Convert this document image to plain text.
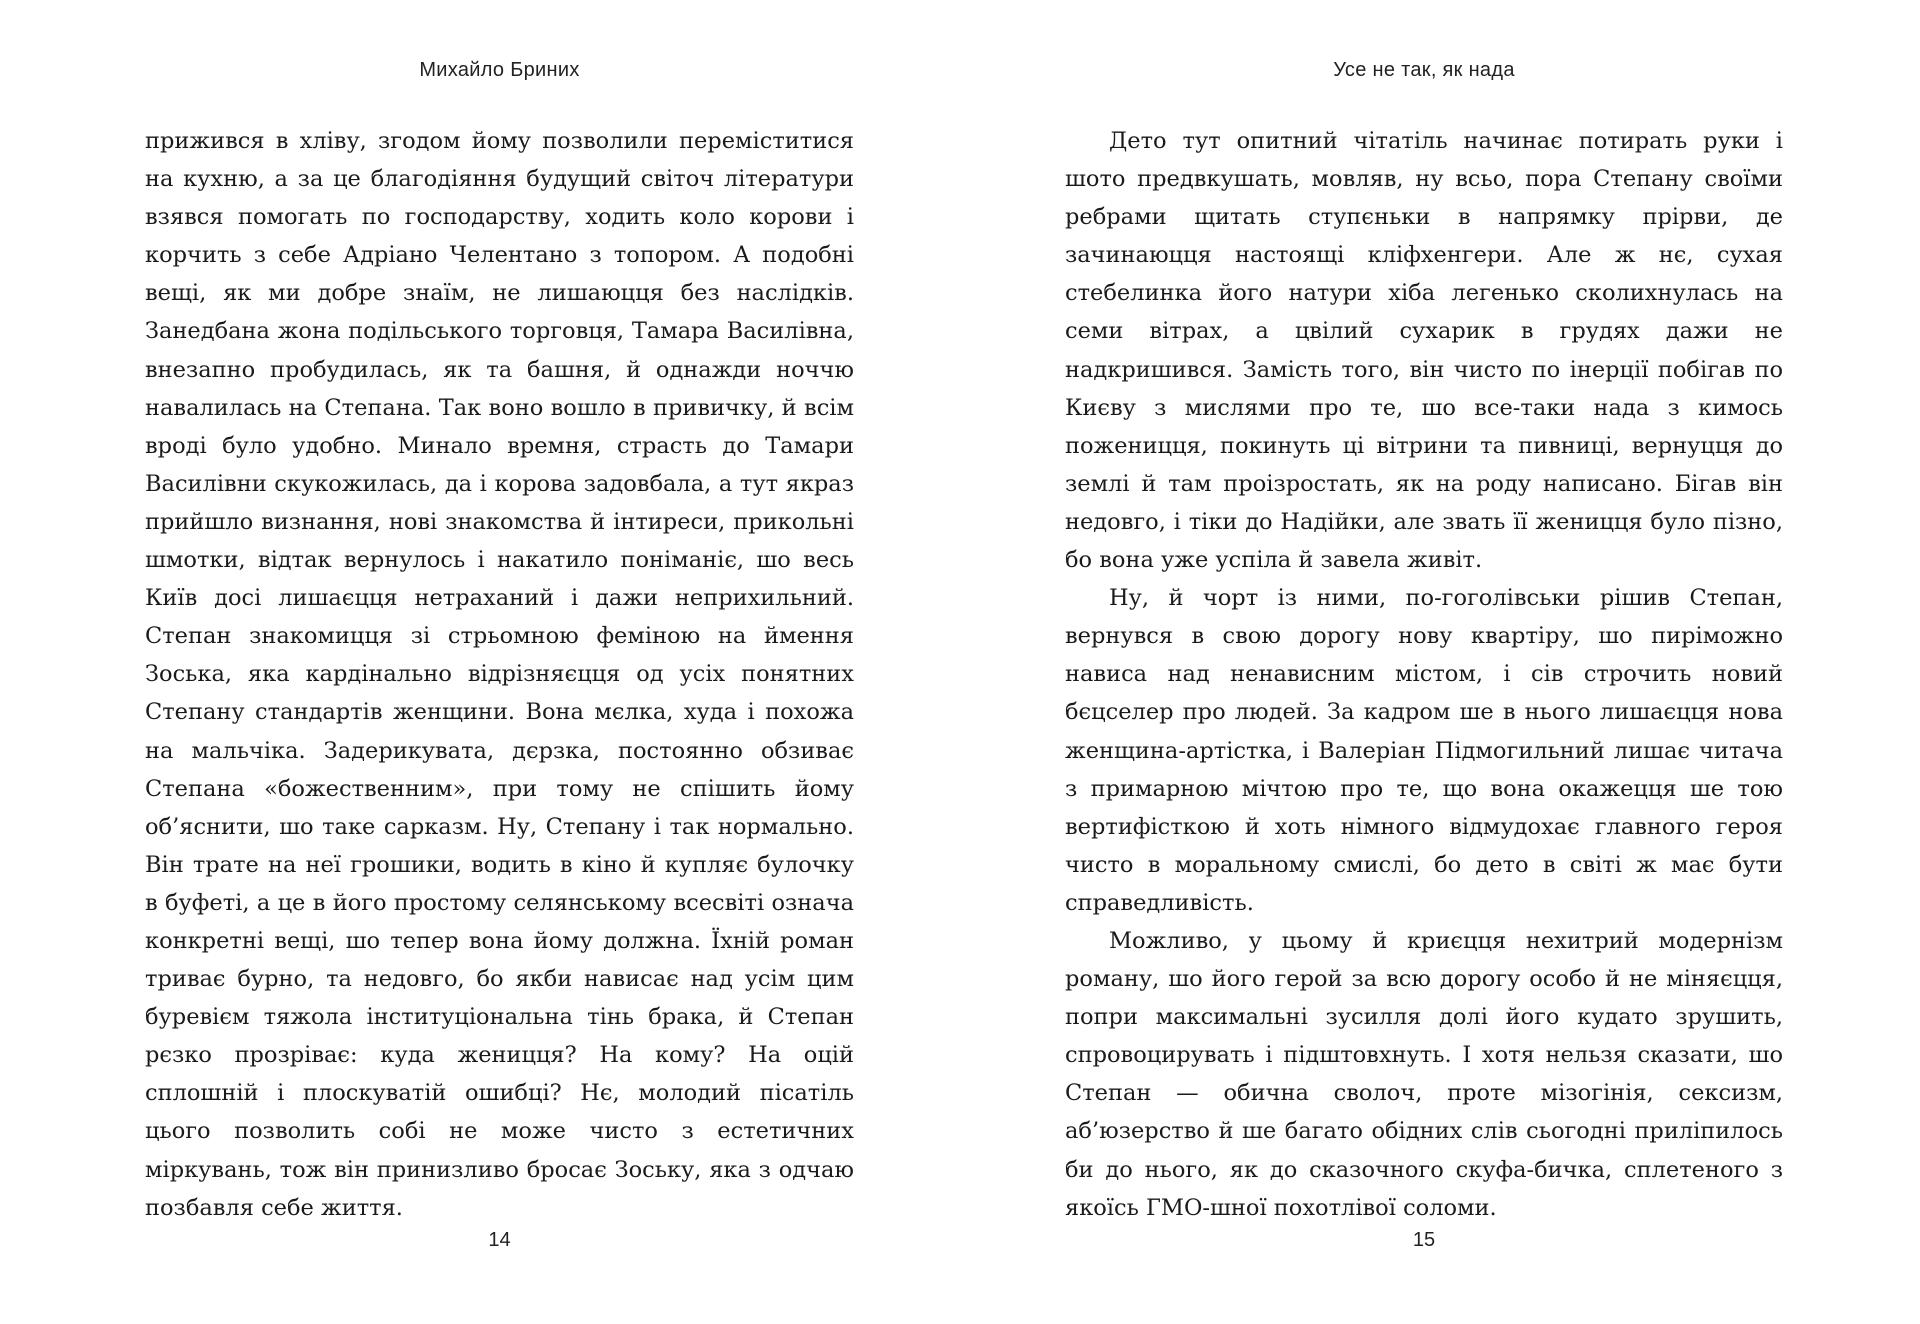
Михайло Бриних

прижився в хліву, згодом йому позволили переміститися на кухню, а за це благодіяння будущий світоч літератури взявся помогать по господарству, ходить коло корови і корчить з себе Адріано Челентано з топором. А подобні вещі, як ми добре знаїм, не лишаюцця без наслідків. Занедбана жона подільського торговця, Тамара Василівна, внезапно пробудилась, як та башня, й однажди ноччю навалилась на Степана. Так воно вошло в привичку, й всім вроді було удобно. Минало времня, страсть до Тамари Василівни скукожилась, да і корова задовбала, а тут якраз прийшло визнання, нові знакомства й інтиреси, прикольні шмотки, відтак вернулось і накатило поніманіє, шо весь Київ досі лишаєцця нетраханий і дажи неприхильний. Степан знакомицця зі стрьомною феміною на ймення Зоська, яка кардінально відрізняєцця од усіх понятних Степану стандартів женщини. Вона мєлка, худа і похожа на мальчіка. Задерикувата, дєрзка, постоянно обзиває Степана «божественним», при тому не спішить йому об’яснити, шо таке сарказм. Ну, Степану і так нормально. Він трате на неї грошики, водить в кіно й купляє булочку в буфеті, а це в його простому селянському всесвіті означа конкретні вещі, шо тепер вона йому должна. Їхній роман триває бурно, та недовго, бо якби нависає над усім цим буревієм тяжола інституціональна тінь брака, й Степан рєзко прозріває: куда женицця? На кому? На оцій сплошній і плоскуватій ошибці? Нє, молодий пісатіль цього позволить собі не може чисто з естетичних міркувань, тож він принизливо бросає Зоську, яка з одчаю позбавля себе життя.

14
Усе не так, як нада

Дето тут опитний чітатіль начинає потирать руки і шото предвкушать, мовляв, ну всьо, пора Степану своїми ребрами щитать ступєньки в напрямку прірви, де зачинаюцця настоящі кліфхенгери. Але ж нє, сухая стебелинка його натури хіба легенько сколихнулась на семи вітрах, а цвілий сухарик в грудях дажи не надкришився. Замість того, він чисто по інерції побігав по Києву з мислями про те, шо все-таки нада з кимось поженицця, покинуть ці вітрини та пивниці, вернуцця до землі й там проізростать, як на роду написано. Бігав він недовго, і тіки до Надійки, але звать її женицця було пізно, бо вона уже успіла й завела живіт.

Ну, й чорт із ними, по-гоголівськи рішив Степан, вернувся в свою дорогу нову квартіру, шо пиріможно нависа над ненависним містом, і сів строчить новий бєцселер про людей. За кадром ше в нього лишаєцця нова женщина-артістка, і Валеріан Підмогильний лишає читача з примарною мічтою про те, що вона окажецця ше тою вертифісткою й хоть німного відмудохає главного героя чисто в моральному смислі, бо дето в світі ж має бути справедливість.

Можливо, у цьому й криєцця нехитрий модернізм роману, шо його герой за всю дорогу особо й не міняєцця, попри максимальні зусилля долі його кудато зрушить, спровоцирувать і підштовхнуть. І хотя нельзя сказати, шо Степан — обична сволоч, проте мізогінія, сексизм, аб’юзерство й ше багато обідних слів сьогодні приліпилось би до нього, як до сказочного скуфа-бичка, сплетеного з якоїсь ГМО-шної похотлівої соломи.

15
